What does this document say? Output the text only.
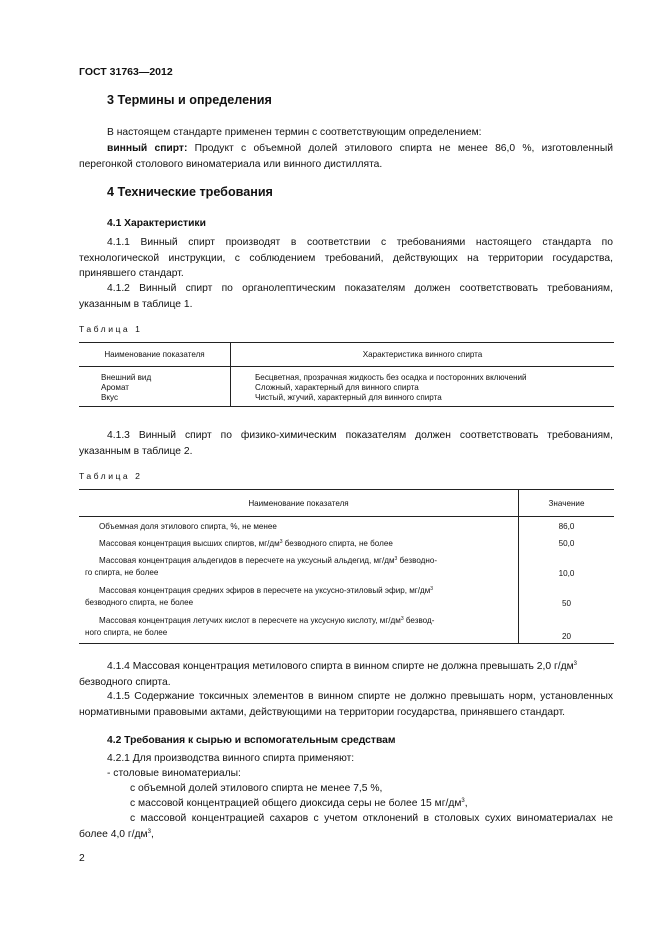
ГОСТ 31763—2012
3 Термины и определения
В настоящем стандарте применен термин с соответствующим определением:
винный спирт: Продукт с объемной долей этилового спирта не менее 86,0 %, изготовленный перегонкой столового виноматериала или винного дистиллята.
4 Технические требования
4.1 Характеристики
4.1.1 Винный спирт производят в соответствии с требованиями настоящего стандарта по технологической инструкции, с соблюдением требований, действующих на территории государства, принявшего стандарт.
4.1.2 Винный спирт по органолептическим показателям должен соответствовать требованиям, указанным в таблице 1.
Таблица 1
Наименование показателя	Характеристика винного спирта
Внешний вид	Бесцветная, прозрачная жидкость без осадка и посторонних включений
Аромат	Сложный, характерный для винного спирта
Вкус	Чистый, жгучий, характерный для винного спирта
4.1.3 Винный спирт по физико-химическим показателям должен соответствовать требованиям, указанным в таблице 2.
Таблица 2
Наименование показателя	Значение
Объемная доля этилового спирта, %, не менее	86,0
Массовая концентрация высших спиртов, $мг/дм^3$ безводного спирта, не более	50,0

Массовая концентрация альдегидов в пересчете на уксусный альдегид, $мг/дм^3$ безводно-
го спирта, не более	10,0

Массовая концентрация средних эфиров в пересчете на уксусно-этиловый эфир, $мг/дм^3$
безводного спирта, не более	50

Массовая концентрация летучих кислот в пересчете на уксусную кислоту, $мг/дм^3$ безвод-
ного спирта, не более	20
4.1.4 Массовая концентрация метилового спирта в винном спирте не должна превышать 2,0 $г/дм^3$
безводного спирта.
4.1.5 Содержание токсичных элементов в винном спирте не должно превышать норм, установленных нормативными правовыми актами, действующими на территории государства, принявшего стандарт.
4.2 Требования к сырью и вспомогательным средствам
4.2.1 Для производства винного спирта применяют:
- столовые виноматериалы:
с объемной долей этилового спирта не менее 7,5 %,
с массовой концентрацией общего диоксида серы не более 15 $мг/дм^3$,
с массовой концентрацией сахаров с учетом отклонений в столовых сухих виноматериалах не более 4,0 $г/дм^3$,
2
